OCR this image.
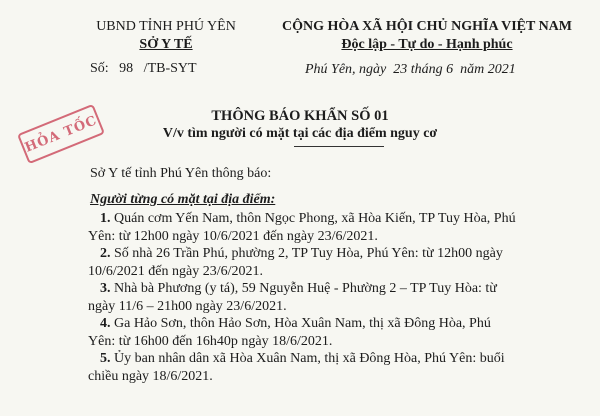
UBND TỈNH PHÚ YÊN
SỞ Y TẾ
CỘNG HÒA XÃ HỘI CHỦ NGHĨA VIỆT NAM
Độc lập - Tự do - Hạnh phúc
Số:   98   /TB-SYT	Phú Yên, ngày  23 tháng 6  năm 2021
HỎA TỐC	THÔNG BÁO KHẨN SỐ 01
V/v tìm người có mặt tại các địa điểm nguy cơ
Sở Y tế tỉnh Phú Yên thông báo:
Người từng có mặt tại địa điểm:
1. Quán cơm Yến Nam, thôn Ngọc Phong, xã Hòa Kiến, TP Tuy Hòa, Phú
Yên: từ 12h00 ngày 10/6/2021 đến ngày 23/6/2021.
2. Số nhà 26 Trần Phú, phường 2, TP Tuy Hòa, Phú Yên: từ 12h00 ngày
10/6/2021 đến ngày 23/6/2021.
3. Nhà bà Phương (y tá), 59 Nguyễn Huệ - Phường 2 – TP Tuy Hòa: từ
ngày 11/6 – 21h00 ngày 23/6/2021.
4. Ga Hảo Sơn, thôn Hảo Sơn, Hòa Xuân Nam, thị xã Đông Hòa, Phú
Yên: từ 16h00 đến 16h40p ngày 18/6/2021.
5. Ủy ban nhân dân xã Hòa Xuân Nam, thị xã Đông Hòa, Phú Yên: buổi
chiều ngày 18/6/2021.
